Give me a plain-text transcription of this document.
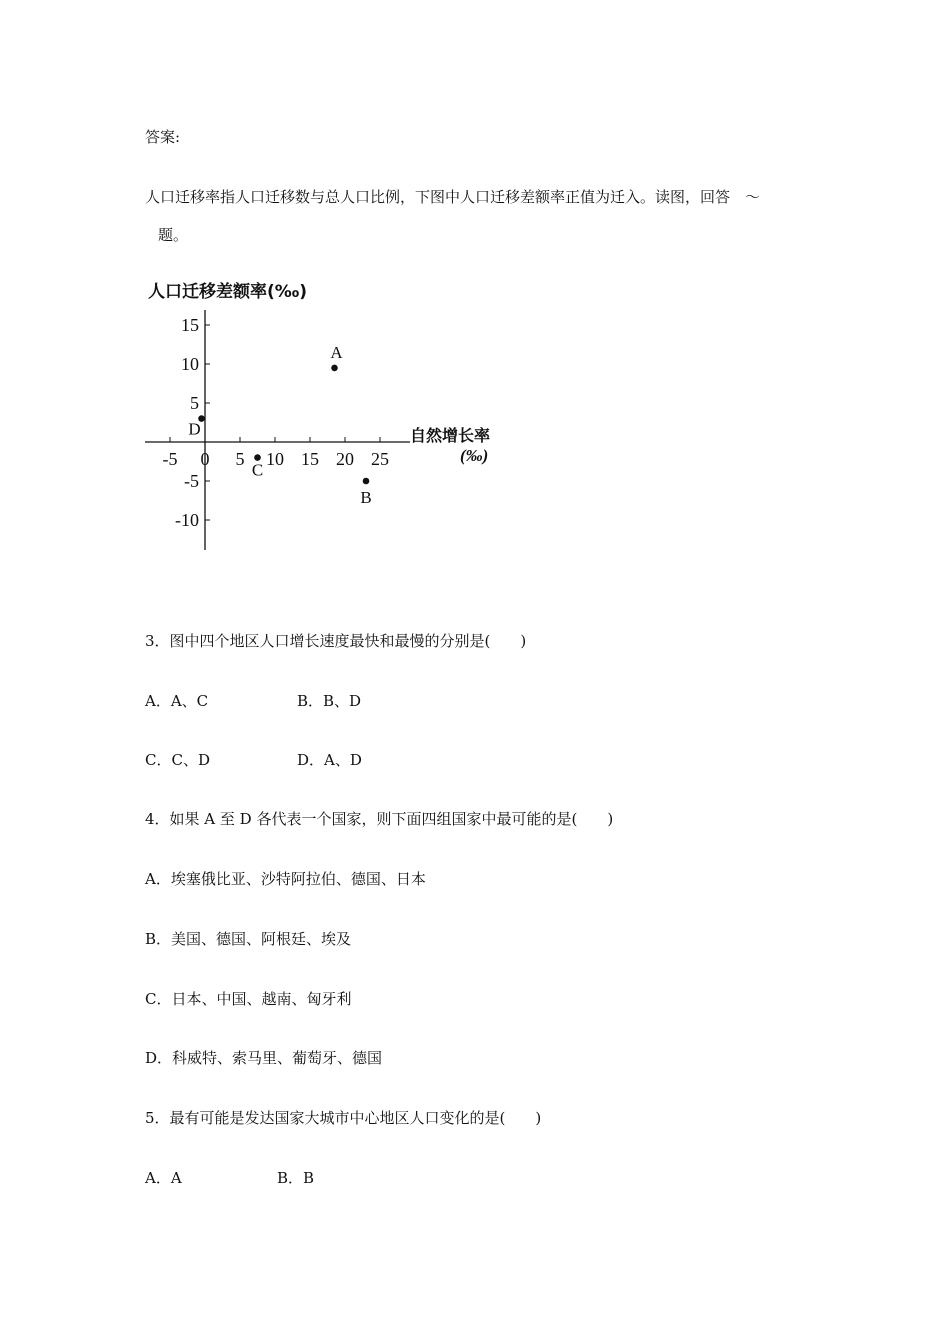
答案:
人口迁移率指人口迁移数与总人口比例，下图中人口迁移差额率正值为迁入。读图，回答　～
题。
-5 0 5 10 15 20 25
15
10
5
-10
-5
A
B
C
D
人口迁移差额率(‰)
自然增长率
(‰)
3．图中四个地区人口增长速度最快和最慢的分别是(　　)
A．A、C	B．B、D
C．C、D	D．A、D
4．如果 A 至 D 各代表一个国家，则下面四组国家中最可能的是(　　)
A．埃塞俄比亚、沙特阿拉伯、德国、日本
B．美国、德国、阿根廷、埃及
C．日本、中国、越南、匈牙利
D．科威特、索马里、葡萄牙、德国
5．最有可能是发达国家大城市中心地区人口变化的是(　　)
A．A	B．B
